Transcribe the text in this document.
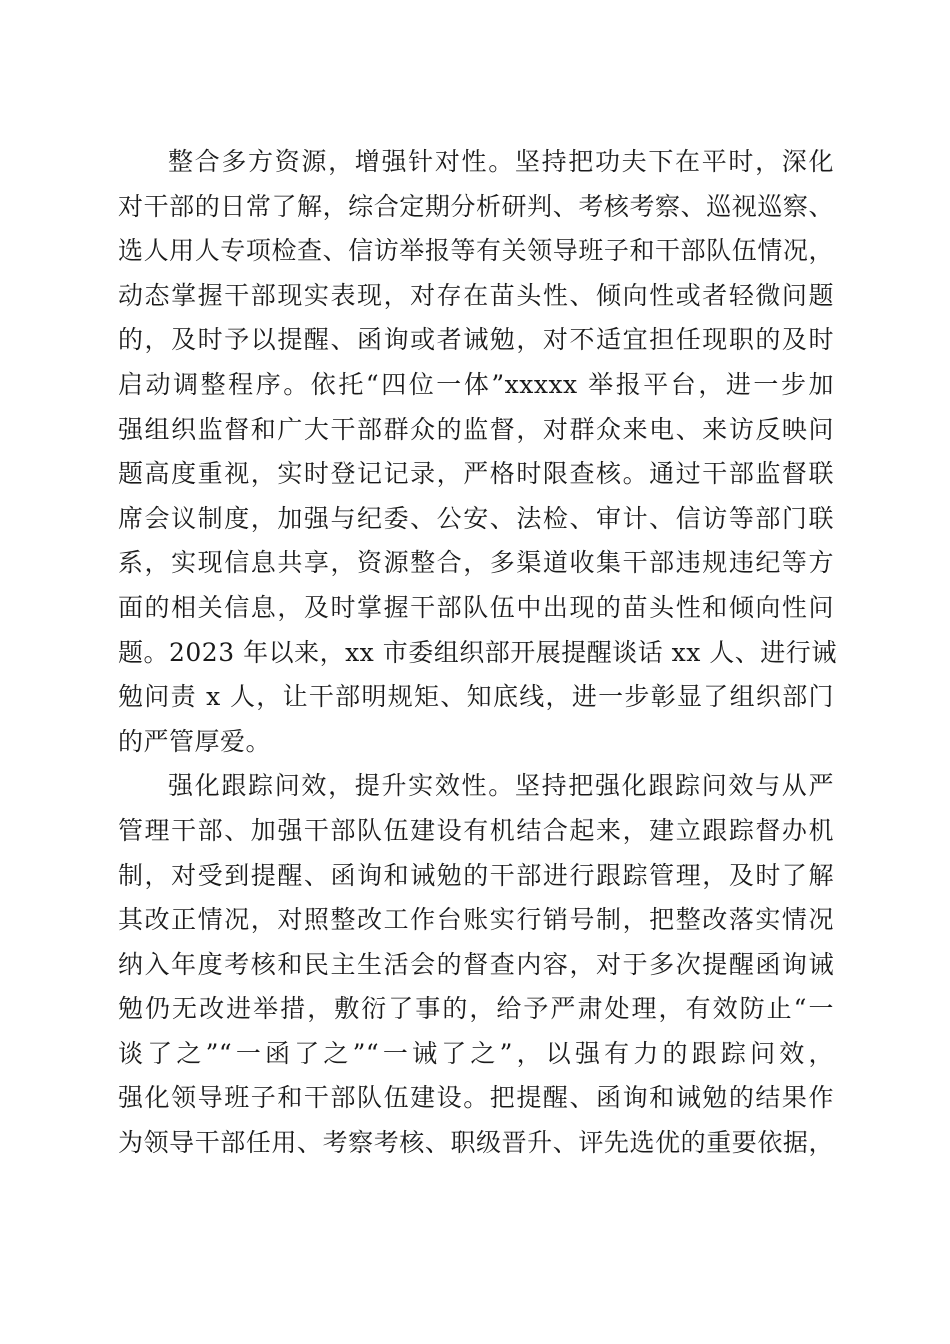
整合多方资源，增强针对性。坚持把功夫下在平时，深化
对干部的日常了解，综合定期分析研判、考核考察、巡视巡察、
选人用人专项检查、信访举报等有关领导班子和干部队伍情况，
动态掌握干部现实表现，对存在苗头性、倾向性或者轻微问题
的，及时予以提醒、函询或者诫勉，对不适宜担任现职的及时
启动调整程序。依托“四位一体”xxxxx 举报平台，进一步加
强组织监督和广大干部群众的监督，对群众来电、来访反映问
题高度重视，实时登记记录，严格时限查核。通过干部监督联
席会议制度，加强与纪委、公安、法检、审计、信访等部门联
系，实现信息共享，资源整合，多渠道收集干部违规违纪等方
面的相关信息，及时掌握干部队伍中出现的苗头性和倾向性问
题。2023 年以来，xx 市委组织部开展提醒谈话 xx 人、进行诫
勉问责 x 人，让干部明规矩、知底线，进一步彰显了组织部门
的严管厚爱。
强化跟踪问效，提升实效性。坚持把强化跟踪问效与从严
管理干部、加强干部队伍建设有机结合起来，建立跟踪督办机
制，对受到提醒、函询和诫勉的干部进行跟踪管理，及时了解
其改正情况，对照整改工作台账实行销号制，把整改落实情况
纳入年度考核和民主生活会的督查内容，对于多次提醒函询诫
勉仍无改进举措，敷衍了事的，给予严肃处理，有效防止“一
谈了之”“一函了之”“一诫了之”，以强有力的跟踪问效，
强化领导班子和干部队伍建设。把提醒、函询和诫勉的结果作
为领导干部任用、考察考核、职级晋升、评先选优的重要依据，
